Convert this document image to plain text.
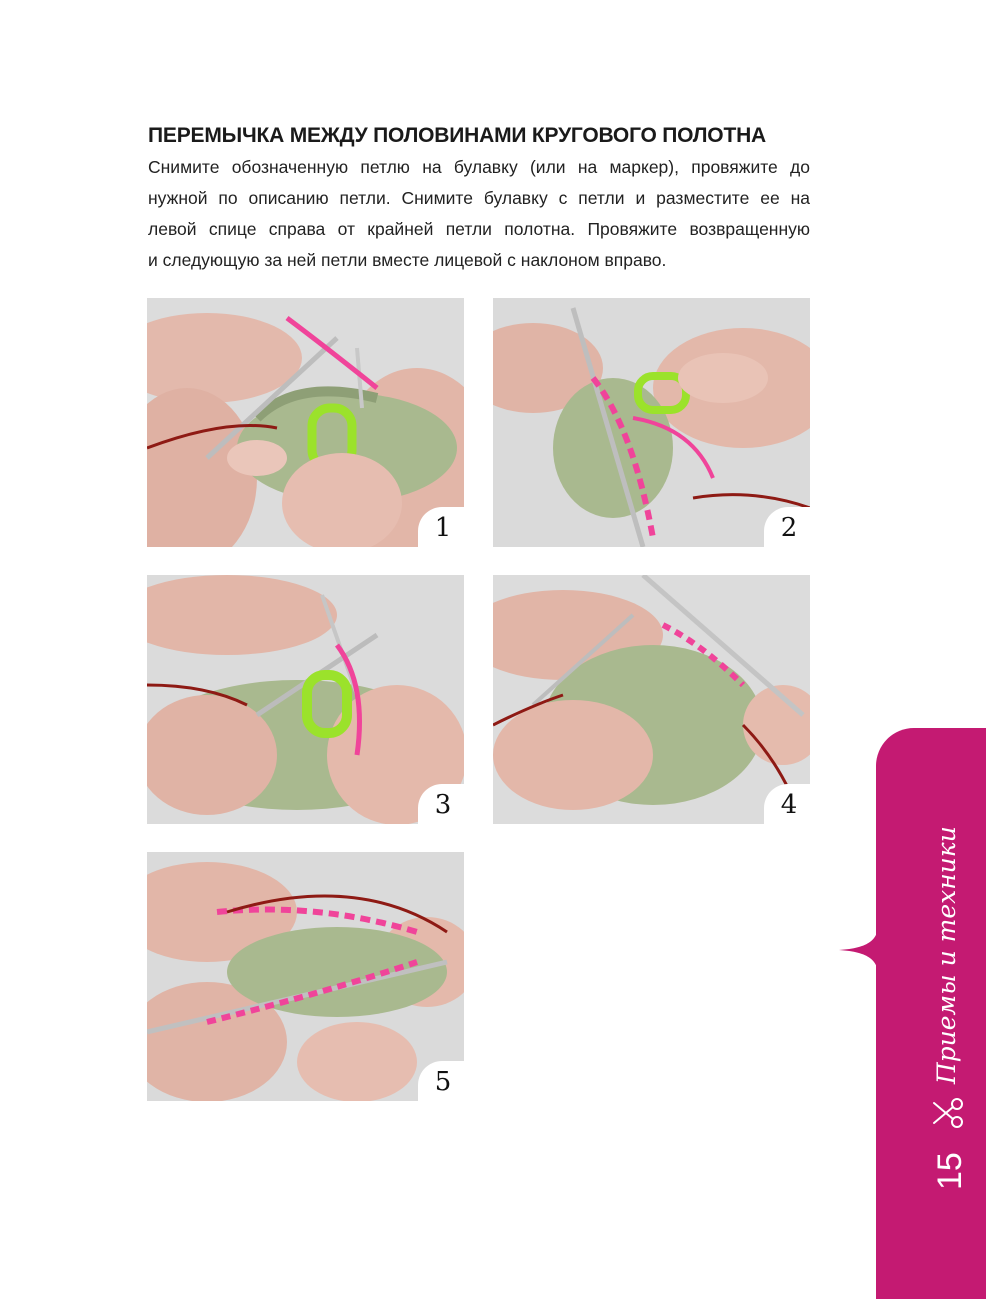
ПЕРЕМЫЧКА МЕЖДУ ПОЛОВИНАМИ КРУГОВОГО ПОЛОТНА
Снимите обозначенную петлю на булавку (или на маркер), провяжите до
нужной по описанию петли. Снимите булавку с петли и разместите ее на
левой спице справа от крайней петли полотна. Провяжите возвращенную
и следующую за ней петли вместе лицевой с наклоном вправо.
1	2
3	4
5
15
Приемы и техники
